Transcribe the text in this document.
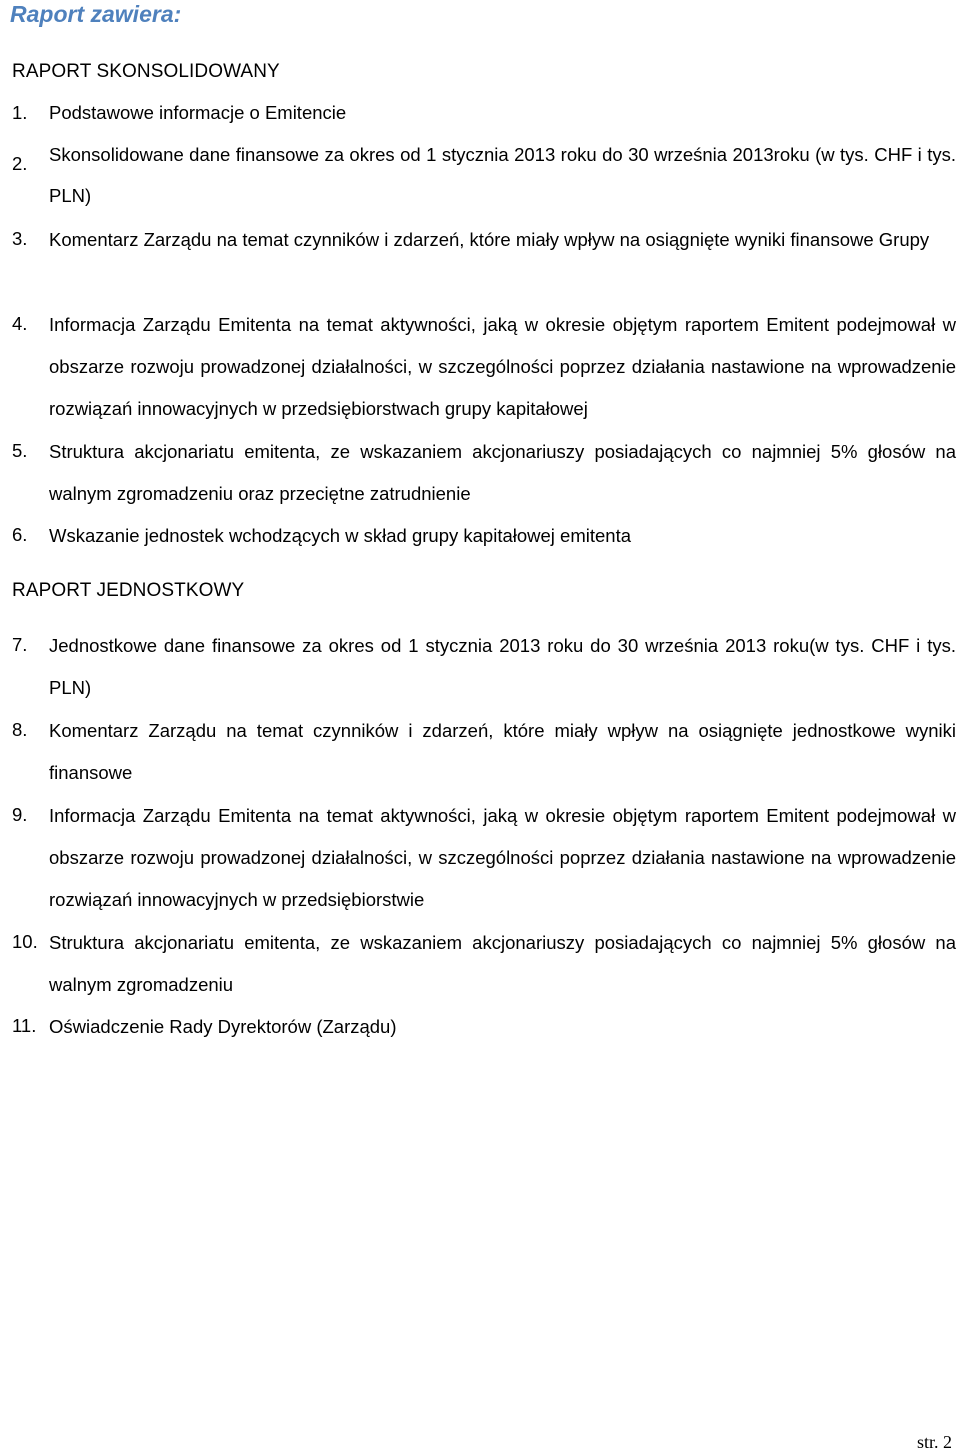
Raport zawiera:
RAPORT SKONSOLIDOWANY
1. Podstawowe informacje o Emitencie
2. Skonsolidowane dane finansowe za okres od 1 stycznia 2013 roku do 30 września 2013roku (w tys. CHF i tys. PLN)
3. Komentarz Zarządu na temat czynników i zdarzeń, które miały wpływ na osiągnięte wyniki finansowe Grupy
4. Informacja Zarządu Emitenta na temat aktywności, jaką w okresie objętym raportem Emitent podejmował w obszarze rozwoju prowadzonej działalności, w szczególności poprzez działania nastawione na wprowadzenie rozwiązań innowacyjnych w przedsiębiorstwach grupy kapitałowej
5. Struktura akcjonariatu emitenta, ze wskazaniem akcjonariuszy posiadających co najmniej 5% głosów na walnym zgromadzeniu oraz przeciętne zatrudnienie
6. Wskazanie jednostek wchodzących w skład grupy kapitałowej emitenta
RAPORT JEDNOSTKOWY
7. Jednostkowe dane finansowe za okres od 1 stycznia 2013 roku do 30 września 2013 roku(w tys. CHF i tys. PLN)
8. Komentarz Zarządu na temat czynników i zdarzeń, które miały wpływ na osiągnięte jednostkowe wyniki finansowe
9. Informacja Zarządu Emitenta na temat aktywności, jaką w okresie objętym raportem Emitent podejmował w obszarze rozwoju prowadzonej działalności, w szczególności poprzez działania nastawione na wprowadzenie rozwiązań innowacyjnych w przedsiębiorstwie
10. Struktura akcjonariatu emitenta, ze wskazaniem akcjonariuszy posiadających co najmniej 5% głosów na walnym zgromadzeniu
11. Oświadczenie Rady Dyrektorów (Zarządu)
str. 2
